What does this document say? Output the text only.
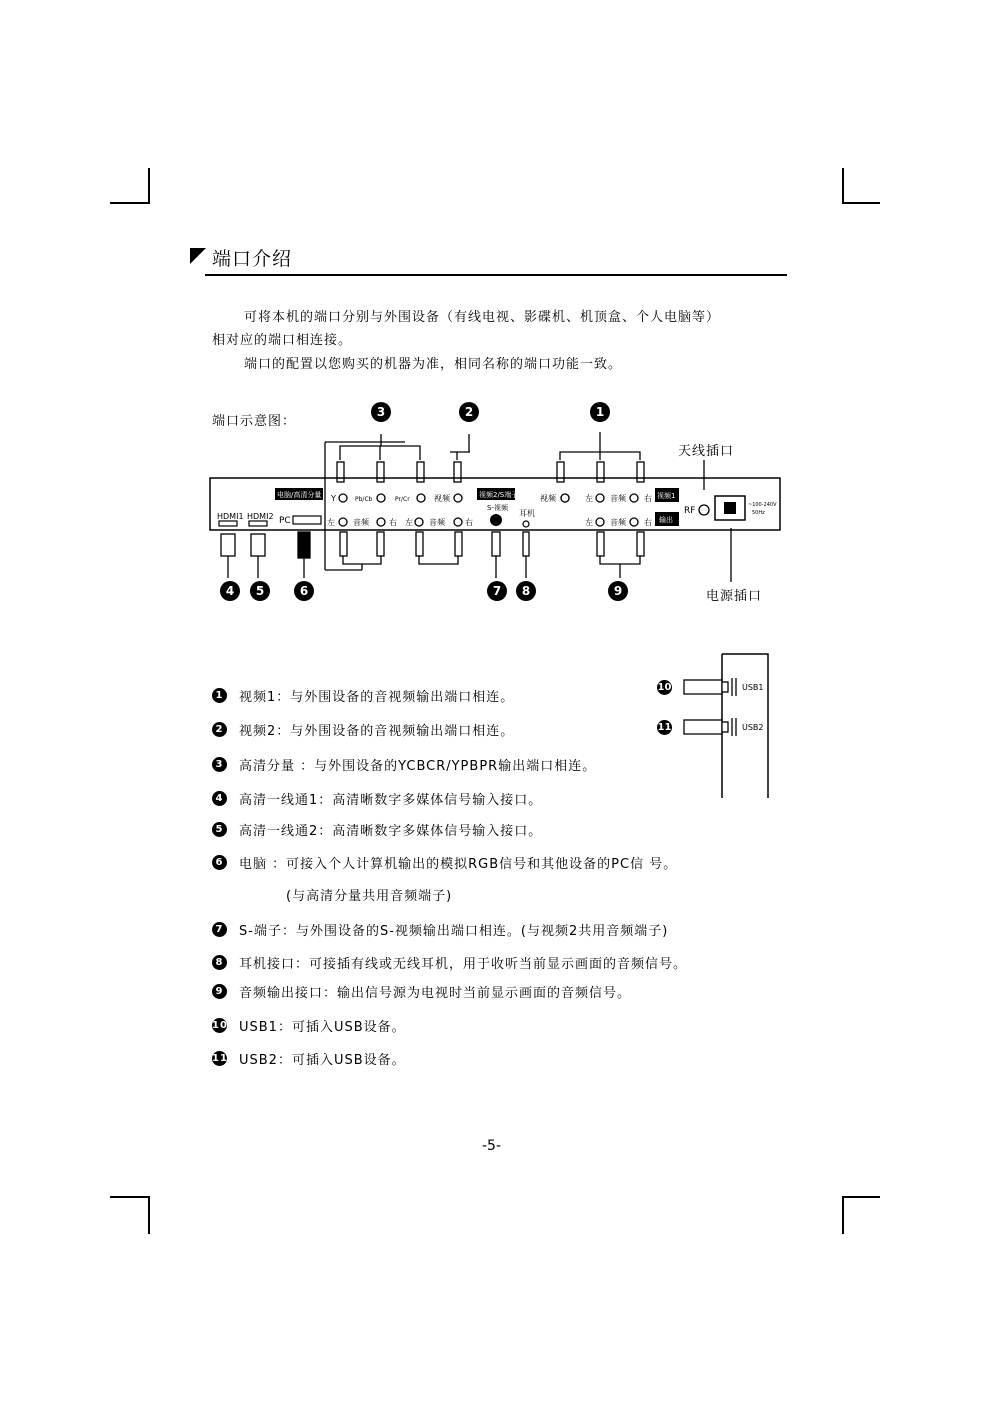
端口介绍
可将本机的端口分别与外围设备（有线电视、影碟机、机顶盒、个人电脑等）
相对应的端口相连接。
端口的配置以您购买的机器为准，相同名称的端口功能一致。
端口示意图：
天线插口
电源插口
3	2	1
4	5	6	7	8	9
HDMI1 HDMI2
电脑/高清分量
PC
Y	Pb/Cb	Pr/Cr	视频
左 音频	右 左 音频	右
视频2/S端子
S-视频
耳机
视频	左 音频 右
左 音频 右
视频1
输出
RF
~100-240V
50Hz
USB1
USB2
10
11
1 视频1：与外围设备的音视频输出端口相连。
2 视频2：与外围设备的音视频输出端口相连。
3 高清分量 ：与外围设备的YCBCR/YPBPR输出端口相连。
4 高清一线通1：高清晰数字多媒体信号输入接口。
5 高清一线通2：高清晰数字多媒体信号输入接口。
6 电脑 ：可接入个人计算机输出的模拟RGB信号和其他设备的PC信 号。
(与高清分量共用音频端子)
7 S-端子：与外围设备的S-视频输出端口相连。(与视频2共用音频端子)
8 耳机接口：可接插有线或无线耳机，用于收听当前显示画面的音频信号。
9 音频输出接口：输出信号源为电视时当前显示画面的音频信号。
10 USB1：可插入USB设备。
11 USB2：可插入USB设备。
-5-
